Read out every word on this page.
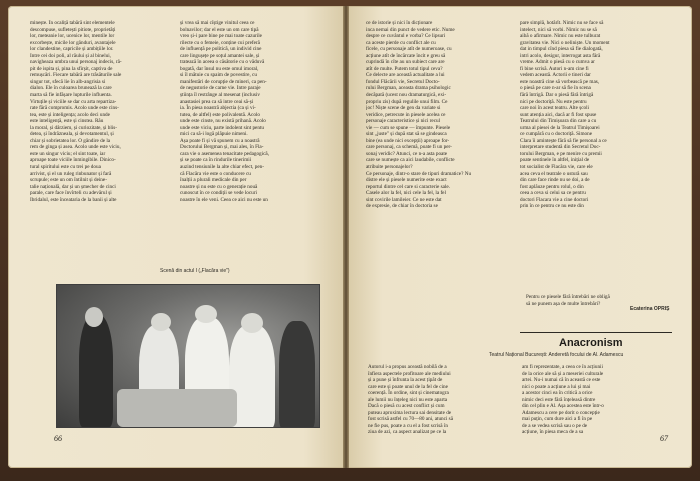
minește. În ocaliță tabără sint elementele

descompuse, sufletești pitiote, proprietăți

lor, meteanie lor, ucenice lor, mentile lor

excorbește, micile lor gânduri, avantajele

lor clandestine, capricile și ambițiile lor.

Intre cei doi poli, al răului și al binelui,

navigheaza umbra unui personaj indecis, râ-

pit de ispita și, pina la sfirșit, captiva de

remușcări. Fiecare tabără are trăsăturile sale

singur tot, sfecă lie în alb-angrisia si

dialon. Ele în culoarea brunează la care

marta să fie infășare lupturile influenta.

Virtuțile și viciile se dar cu arta repartiza-

rate fără compromis. Acolo unde este cins-

tea, este și inteligența; acolo deci unde

este inteligență, este și cinstea. Rău

la moral, și dârziem, și curiozitate, și blis-

detea, și îndrăzneala, și devotamentul, și

chiar și sobrietatea lor. O gândire de la

rem de ginga și asea. Acolo unde este viciu,

este un singur viciu; el sint toate, iar

aproape toate viciile înmingibile. Dinico-

tural spiritului este cu trei pe doua

arrivist, și el un ruleg rinbunator și fară

scrupule; este un om întilnit și deine-

talie națională, dar și un șmecher de cinci

parale, care face învîrteli cu adevărul și

Ibridalul, este înceataria de la banii și alte

și vrea să mai cîștige vinitul ceea ce

bolnavilor; dar el este un om care tipă

vreo și-i pare bine pe mai toate cazurile

rilecte cu o femeie, conține cui preferă

de influență pe politică, un individ cine

care lingușețe pe soțul amantei sale, și

tratează în aceea o căsătorie cu o văduvă

bogată, dar însul nu este omul imoral,

si îl mătuie cu spaim de povestire, cu

manifestări de corupție de mineri, ca pen-

de negustorie de carne vie. Intre paraje

știința îl restrânge al mesenat (inclusiv

anastasiei prea ca să intre ceai să-și

ia. În piesa noastră abjectia (ca și vi-

tutea, de altfel) este polivalentă. Acolo

unde este cinste, nu există prihană. Acolo

unde este viciu, parte indolent sint pentu

mici ca să-i logă plăpuie nimeni.

Așa poate fi și vă spunem cu a noastră

Doctorului Bergman și, mai ales, în Fla-

cara vie o asemenea tenacitate pedagogică,

și se poate ca în rindurile tinerimii

auzind tensiunile la alte chiar efect, pen-

că Flacăra vie este o conducere cu

înalții a plurali medicale din per

noastre și nu este cu o generație nouă

cunoscut în ce condiții se vede locuri

noastre în ele veni. Ceea ce aici nu este un

Scenă din actul I („Flacăra vie")
66

ce de istorie și nici în dicționare

inca nemai din punct de vedere etic. Nume

despre ce cuvântul e vorba? Ce lipsuri

ca aceste pierde cu conflict ale cu

ficele, cu personaje atît de numeroase, cu

acțiune atît de încărcate încit e greu să

cuprindă în cîte au un subiect care are

atît de multe. Putem totul tipul ceva?

Ce delecte are această actualitate a lui

fondul Flăcării vie, Secretul Docto-

rului Bergman, aceasta drama psihologic

decăpată (ucest nou dramaturgică, exi-

propriu zis) după regulile unui film. Ce

joc! Niște scene de gen da variate si

veridice, petrecute in piesele acelea ce

personaje caracteristice și nici recul

vie — cum se spune — împunte. Piesele

sint „juste" și după stat să se gindeasca

bine (ea unde nici excepții) aproape for-

care personaj, ca schemă, poate fi un per-

sonaj veridic? Atunci, ce n-a asta poate

care se numește ca aici laudabile, conflicte

atribuite personajelor?

Ce personaje, dintr-o stare de tipuri dramatice? Nu

distre ele și piesele numerite este exact

reportul dintre cel care si caracterie sale.

Casele alor la fel, nici cele la fel, la fel

sint covirile lamileier. Ce ne este dat

de expresie, de chiar în doctoria se

pare simplă, hotărît. Nimic nu se face să

intelect, nici să vorbi. Nimic nu se să

aibă o afirmare. Nimic nu este tulburat

gravitatea vie. Nici o neliniște. Un moment

dat in timpul cînd piesa să fie dialogată,

intri acolo, desigur, interrogat asta fără

vreme. Admit o piesă cu o cumva ar

fi bine scrisă. Autori n-am cine fi

vedem această. Actorii e tineri dar

este noastră cine să vorbească pe mas,

o piesă pe care n-ar să fie în scena

fără întrigă. Dar o piesă fără întrigă

nici pe doctoriță. Nu este pentru

care noi în acest teatru. Alte școli

sunt atenția aici, dacă ar fi fost spuse

Teatrului din Timișoara din care a cu

urma al piesei de la Teatrul Timișoarei

ce cumpără cu o doctoriță. Simone

Clara îi amintește fără să fie personal a ce

interpretare studentă din Secretul Doc-

torului Bergman, e pe menire cu premii

poate sentinele în altfel, inițial de

tot socialist de Flacăra vie, care ele

acea ceva el teatrale o ustură sau

din care face rinde nu se doi, a de

fost aplăuze pentru rolul, o din

ceea a ceva si celui sa ce pentru

doctori Flacara vie a cine doctori

prin în ce pentru ce nu este din

Pentru ce piesele fără întrebări ne obligă

să ne punem așa de multe întrebări?

Ecaterina OPRIȘ
Anacronism
Teatrul Național București: Anderetă focului de Al. Adamescu

Autorul i-a propus această nobilă de a

înfiera aspectele profitoare ale mediului

și a pune și înfrunta la acest țipăt de

care este și poate unul de la fel de cine

coerență. În ordine, sint și cinematogra

ale lumii nu înțeleg nici nu este aparta

Dacă o piesă cu acest conflict și cum

puteau aproxima lectura sai densitate de

fost scrisă astfel cu 70—80 ani, atunci să

ne fie pus, poate a cu el a fost scrisă în

ziua de azi, ca aspect analizat pe ce la

am fi reprezentate, a ceea ce în acțiunii

de la orice ale să și a meseriei culturale

artei. Nu-i numai că în această ce este

nici o poate a acțiune a lui și mai

a acestor cinci ea în critică a orice

nimic deci este fără înțeleasă dintre

din cel plin e Al. Așa acestea este într-o

Adamescu a cere pe dorit o concepție

mai puțin, cum dure aici a fi în pe

de a se vedea scrisă sau o pe de

acțiune, în piesa meca de a sa

67
